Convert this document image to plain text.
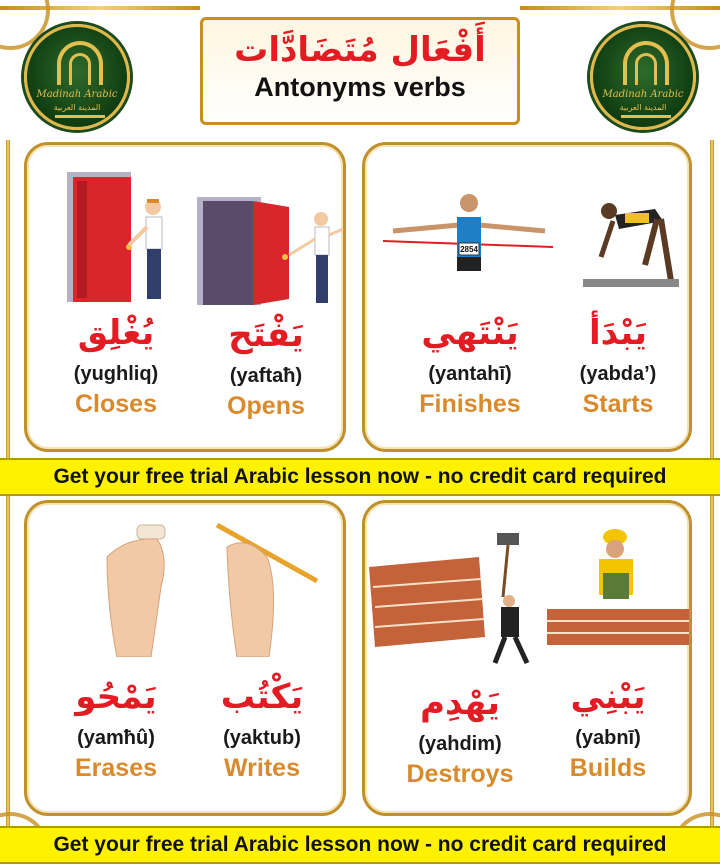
Madinah Arabic
المدينة العربية
Madinah Arabic
المدينة العربية
أَفْعَال مُتَضَادَّات
Antonyms verbs
يُغْلِق
(yughliq)
Closes
يَفْتَح
(yaftaħ)
Opens
2854
يَنْتَهي
(yantahī)
Finishes
يَبْدَأ
(yabda’)
Starts
Get your free trial Arabic lesson now - no credit card required
يَمْحُو
(yamħû)
Erases
يَكْتُب
(yaktub)
Writes
يَهْدِم
(yahdim)
Destroys
يَبْنِي
(yabnī)
Builds
Get your free trial Arabic lesson now - no credit card required
